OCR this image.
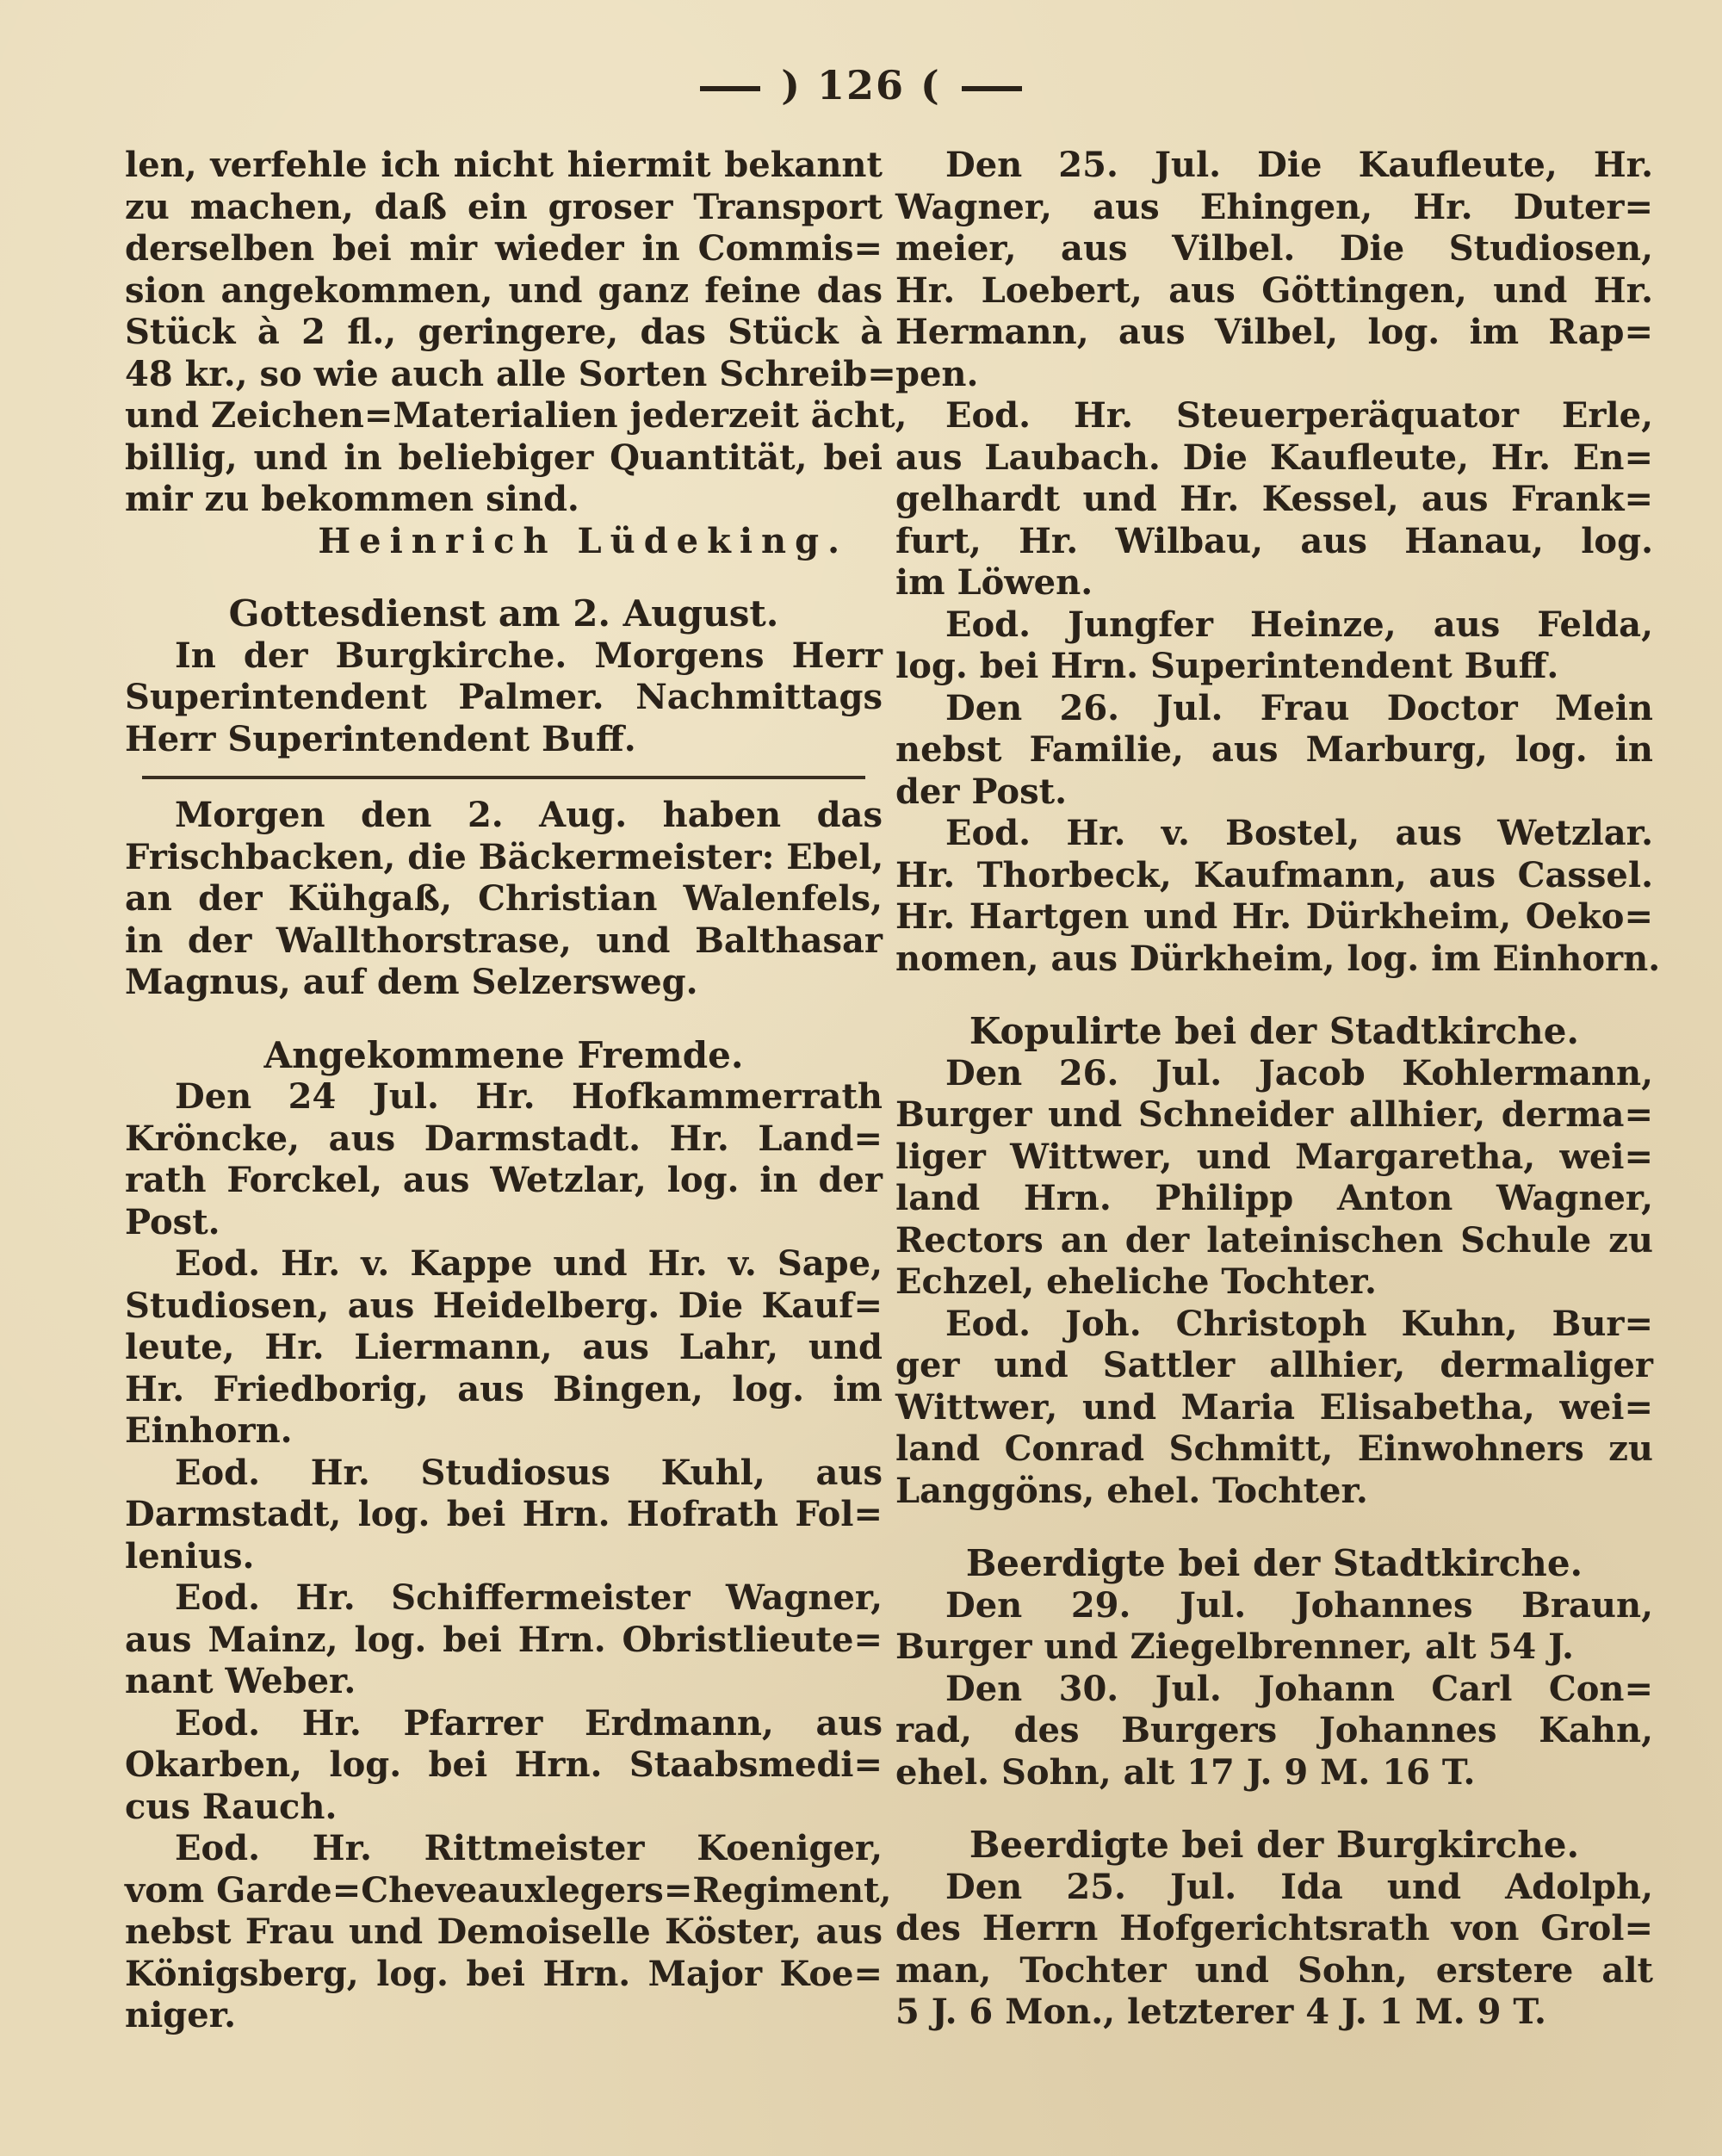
) 126 (
len, verfehle ich nicht hiermit bekannt
zu machen, daß ein groser Transport
derselben bei mir wieder in Commis=
sion angekommen, und ganz feine das
Stück à 2 fl., geringere, das Stück à
48 kr., so wie auch alle Sorten Schreib=
und Zeichen=Materialien jederzeit ächt,
billig, und in beliebiger Quantität, bei
mir zu bekommen sind.
Heinrich Lüdeking.
Gottesdienst am 2. August.
In der Burgkirche. Morgens Herr
Superintendent Palmer. Nachmittags
Herr Superintendent Buff.
Morgen den 2. Aug. haben das
Frischbacken, die Bäckermeister: Ebel,
an der Kühgaß, Christian Walenfels,
in der Wallthorstrase, und Balthasar
Magnus, auf dem Selzersweg.
Angekommene Fremde.
Den 24 Jul. Hr. Hofkammerrath
Kröncke, aus Darmstadt. Hr. Land=
rath Forckel, aus Wetzlar, log. in der
Post.
Eod. Hr. v. Kappe und Hr. v. Sape,
Studiosen, aus Heidelberg. Die Kauf=
leute, Hr. Liermann, aus Lahr, und
Hr. Friedborig, aus Bingen, log. im
Einhorn.
Eod. Hr. Studiosus Kuhl, aus
Darmstadt, log. bei Hrn. Hofrath Fol=
lenius.
Eod. Hr. Schiffermeister Wagner,
aus Mainz, log. bei Hrn. Obristlieute=
nant Weber.
Eod. Hr. Pfarrer Erdmann, aus
Okarben, log. bei Hrn. Staabsmedi=
cus Rauch.
Eod. Hr. Rittmeister Koeniger,
vom Garde=Cheveauxlegers=Regiment,
nebst Frau und Demoiselle Köster, aus
Königsberg, log. bei Hrn. Major Koe=
niger.
Den 25. Jul. Die Kaufleute, Hr.
Wagner, aus Ehingen, Hr. Duter=
meier, aus Vilbel. Die Studiosen,
Hr. Loebert, aus Göttingen, und Hr.
Hermann, aus Vilbel, log. im Rap=
pen.
Eod. Hr. Steuerperäquator Erle,
aus Laubach. Die Kaufleute, Hr. En=
gelhardt und Hr. Kessel, aus Frank=
furt, Hr. Wilbau, aus Hanau, log.
im Löwen.
Eod. Jungfer Heinze, aus Felda,
log. bei Hrn. Superintendent Buff.
Den 26. Jul. Frau Doctor Mein
nebst Familie, aus Marburg, log. in
der Post.
Eod. Hr. v. Bostel, aus Wetzlar.
Hr. Thorbeck, Kaufmann, aus Cassel.
Hr. Hartgen und Hr. Dürkheim, Oeko=
nomen, aus Dürkheim, log. im Einhorn.
Kopulirte bei der Stadtkirche.
Den 26. Jul. Jacob Kohlermann,
Burger und Schneider allhier, derma=
liger Wittwer, und Margaretha, wei=
land Hrn. Philipp Anton Wagner,
Rectors an der lateinischen Schule zu
Echzel, eheliche Tochter.
Eod. Joh. Christoph Kuhn, Bur=
ger und Sattler allhier, dermaliger
Wittwer, und Maria Elisabetha, wei=
land Conrad Schmitt, Einwohners zu
Langgöns, ehel. Tochter.
Beerdigte bei der Stadtkirche.
Den 29. Jul. Johannes Braun,
Burger und Ziegelbrenner, alt 54 J.
Den 30. Jul. Johann Carl Con=
rad, des Burgers Johannes Kahn,
ehel. Sohn, alt 17 J. 9 M. 16 T.
Beerdigte bei der Burgkirche.
Den 25. Jul. Ida und Adolph,
des Herrn Hofgerichtsrath von Grol=
man, Tochter und Sohn, erstere alt
5 J. 6 Mon., letzterer 4 J. 1 M. 9 T.
